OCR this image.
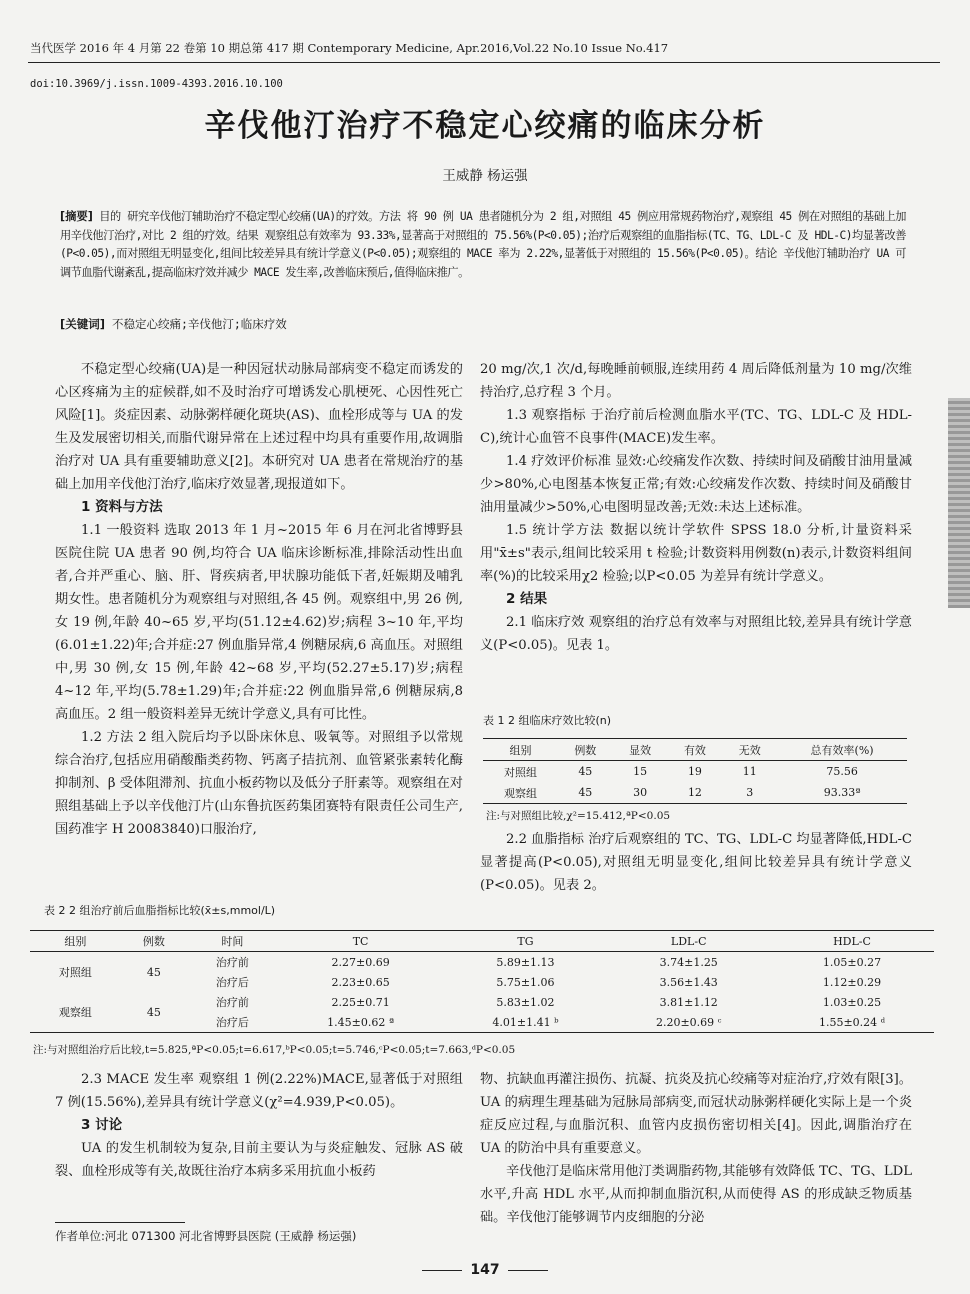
当代医学 2016 年 4 月第 22 卷第 10 期总第 417 期 Contemporary Medicine, Apr.2016,Vol.22 No.10 Issue No.417
doi:10.3969/j.issn.1009-4393.2016.10.100
辛伐他汀治疗不稳定心绞痛的临床分析
王威静 杨运强
[摘要] 目的 研究辛伐他汀辅助治疗不稳定型心绞痛(UA)的疗效。方法 将 90 例 UA 患者随机分为 2 组,对照组 45 例应用常规药物治疗,观察组 45 例在对照组的基础上加用辛伐他汀治疗,对比 2 组的疗效。结果 观察组总有效率为 93.33%,显著高于对照组的 75.56%(P<0.05);治疗后观察组的血脂指标(TC、TG、LDL-C 及 HDL-C)均显著改善(P<0.05),而对照组无明显变化,组间比较差异具有统计学意义(P<0.05);观察组的 MACE 率为 2.22%,显著低于对照组的 15.56%(P<0.05)。结论 辛伐他汀辅助治疗 UA 可调节血脂代谢紊乱,提高临床疗效并减少 MACE 发生率,改善临床预后,值得临床推广。
[关键词] 不稳定心绞痛;辛伐他汀;临床疗效

不稳定型心绞痛(UA)是一种因冠状动脉局部病变不稳定而诱发的心区疼痛为主的症候群,如不及时治疗可增诱发心肌梗死、心因性死亡风险[1]。炎症因素、动脉粥样硬化斑块(AS)、血栓形成等与 UA 的发生及发展密切相关,而脂代谢异常在上述过程中均具有重要作用,故调脂治疗对 UA 具有重要辅助意义[2]。本研究对 UA 患者在常规治疗的基础上加用辛伐他汀治疗,临床疗效显著,现报道如下。

1 资料与方法

1.1 一般资料 选取 2013 年 1 月~2015 年 6 月在河北省博野县医院住院 UA 患者 90 例,均符合 UA 临床诊断标准,排除活动性出血者,合并严重心、脑、肝、肾疾病者,甲状腺功能低下者,妊娠期及哺乳期女性。患者随机分为观察组与对照组,各 45 例。观察组中,男 26 例,女 19 例,年龄 40~65 岁,平均(51.12±4.62)岁;病程 3~10 年,平均(6.01±1.22)年;合并症:27 例血脂异常,4 例糖尿病,6 高血压。对照组中,男 30 例,女 15 例,年龄 42~68 岁,平均(52.27±5.17)岁;病程 4~12 年,平均(5.78±1.29)年;合并症:22 例血脂异常,6 例糖尿病,8 高血压。2 组一般资料差异无统计学意义,具有可比性。

1.2 方法 2 组入院后均予以卧床休息、吸氧等。对照组予以常规综合治疗,包括应用硝酸酯类药物、钙离子拮抗剂、血管紧张素转化酶抑制剂、β 受体阻滞剂、抗血小板药物以及低分子肝素等。观察组在对照组基础上予以辛伐他汀片(山东鲁抗医药集团赛特有限责任公司生产,国药准字 H 20083840)口服治疗,

20 mg/次,1 次/d,每晚睡前顿服,连续用药 4 周后降低剂量为 10 mg/次维持治疗,总疗程 3 个月。

1.3 观察指标 于治疗前后检测血脂水平(TC、TG、LDL-C 及 HDL-C),统计心血管不良事件(MACE)发生率。

1.4 疗效评价标准 显效:心绞痛发作次数、持续时间及硝酸甘油用量减少>80%,心电图基本恢复正常;有效:心绞痛发作次数、持续时间及硝酸甘油用量减少>50%,心电图明显改善;无效:未达上述标准。

1.5 统计学方法 数据以统计学软件 SPSS 18.0 分析,计量资料采用"x̄±s"表示,组间比较采用 t 检验;计数资料用例数(n)表示,计数资料组间率(%)的比较采用χ2 检验;以P<0.05 为差异有统计学意义。

2 结果

2.1 临床疗效 观察组的治疗总有效率与对照组比较,差异具有统计学意义(P<0.05)。见表 1。

表 1 2 组临床疗效比较(n)
组别	例数	显效	有效	无效	总有效率(%)
对照组	45	15	19	11	75.56
观察组	45	30	12	3	93.33ª
注:与对照组比较,χ²=15.412,ªP<0.05

2.2 血脂指标 治疗后观察组的 TC、TG、LDL-C 均显著降低,HDL-C 显著提高(P<0.05),对照组无明显变化,组间比较差异具有统计学意义(P<0.05)。见表 2。

表 2 2 组治疗前后血脂指标比较(x̄±s,mmol/L)
组别	例数	时间	TC	TG	LDL-C	HDL-C
对照组	45	治疗前	2.27±0.69	5.89±1.13	3.74±1.25	1.05±0.27
		治疗后	2.23±0.65	5.75±1.06	3.56±1.43	1.12±0.29
观察组	45	治疗前	2.25±0.71	5.83±1.02	3.81±1.12	1.03±0.25
		治疗后	1.45±0.62 ª	4.01±1.41 ᵇ	2.20±0.69 ᶜ	1.55±0.24 ᵈ
注:与对照组治疗后比较,t=5.825,ªP<0.05;t=6.617,ᵇP<0.05;t=5.746,ᶜP<0.05;t=7.663,ᵈP<0.05

2.3 MACE 发生率 观察组 1 例(2.22%)MACE,显著低于对照组 7 例(15.56%),差异具有统计学意义(χ²=4.939,P<0.05)。

3 讨论

UA 的发生机制较为复杂,目前主要认为与炎症触发、冠脉 AS 破裂、血栓形成等有关,故既往治疗本病多采用抗血小板药

物、抗缺血再灌注损伤、抗凝、抗炎及抗心绞痛等对症治疗,疗效有限[3]。UA 的病理生理基础为冠脉局部病变,而冠状动脉粥样硬化实际上是一个炎症反应过程,与血脂沉积、血管内皮损伤密切相关[4]。因此,调脂治疗在 UA 的防治中具有重要意义。

辛伐他汀是临床常用他汀类调脂药物,其能够有效降低 TC、TG、LDL 水平,升高 HDL 水平,从而抑制血脂沉积,从而使得 AS 的形成缺乏物质基础。辛伐他汀能够调节内皮细胞的分泌

作者单位:河北 071300 河北省博野县医院 (王威静 杨运强)
147
